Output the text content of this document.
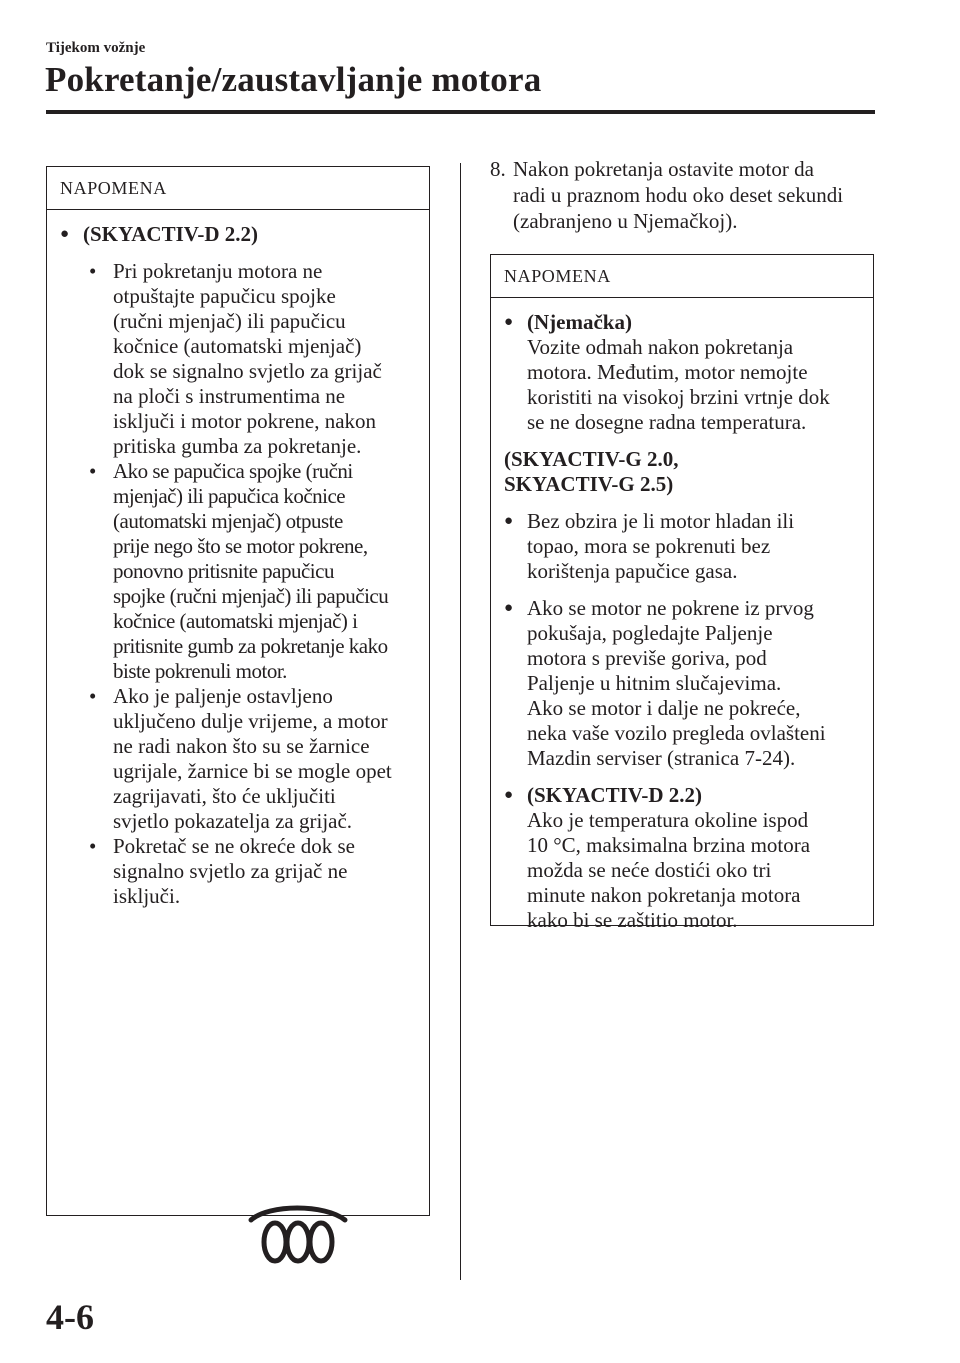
Tijekom vožnje
Pokretanje/zaustavljanje motora
NAPOMENA
● (SKYACTIV-D 2.2)
• Pri pokretanju motora ne
otpuštajte papučicu spojke
(ručni mjenjač) ili papučicu
kočnice (automatski mjenjač)
dok se signalno svjetlo za grijač
na ploči s instrumentima ne
isključi i motor pokrene, nakon
pritiska gumba za pokretanje.
• Ako se papučica spojke (ručni
mjenjač) ili papučica kočnice
(automatski mjenjač) otpuste
prije nego što se motor pokrene,
ponovno pritisnite papučicu
spojke (ručni mjenjač) ili papučicu
kočnice (automatski mjenjač) i
pritisnite gumb za pokretanje kako
biste pokrenuli motor.
• Ako je paljenje ostavljeno
uključeno dulje vrijeme, a motor
ne radi nakon što su se žarnice
ugrijale, žarnice bi se mogle opet
zagrijavati, što će uključiti
svjetlo pokazatelja za grijač.
• Pokretač se ne okreće dok se
signalno svjetlo za grijač ne
isključi.
8. Nakon pokretanja ostavite motor da
radi u praznom hodu oko deset sekundi
(zabranjeno u Njemačkoj).
NAPOMENA
● (Njemačka)
Vozite odmah nakon pokretanja
motora. Međutim, motor nemojte
koristiti na visokoj brzini vrtnje dok
se ne dosegne radna temperatura.
(SKYACTIV-G 2.0,
SKYACTIV-G 2.5)
● Bez obzira je li motor hladan ili
topao, mora se pokrenuti bez
korištenja papučice gasa.
● Ako se motor ne pokrene iz prvog
pokušaja, pogledajte Paljenje
motora s previše goriva, pod
Paljenje u hitnim slučajevima.
Ako se motor i dalje ne pokreće,
neka vaše vozilo pregleda ovlašteni
Mazdin serviser (stranica 7-24).
● (SKYACTIV-D 2.2)
Ako je temperatura okoline ispod
10 °C, maksimalna brzina motora
možda se neće dostići oko tri
minute nakon pokretanja motora
kako bi se zaštitio motor.
4-6
